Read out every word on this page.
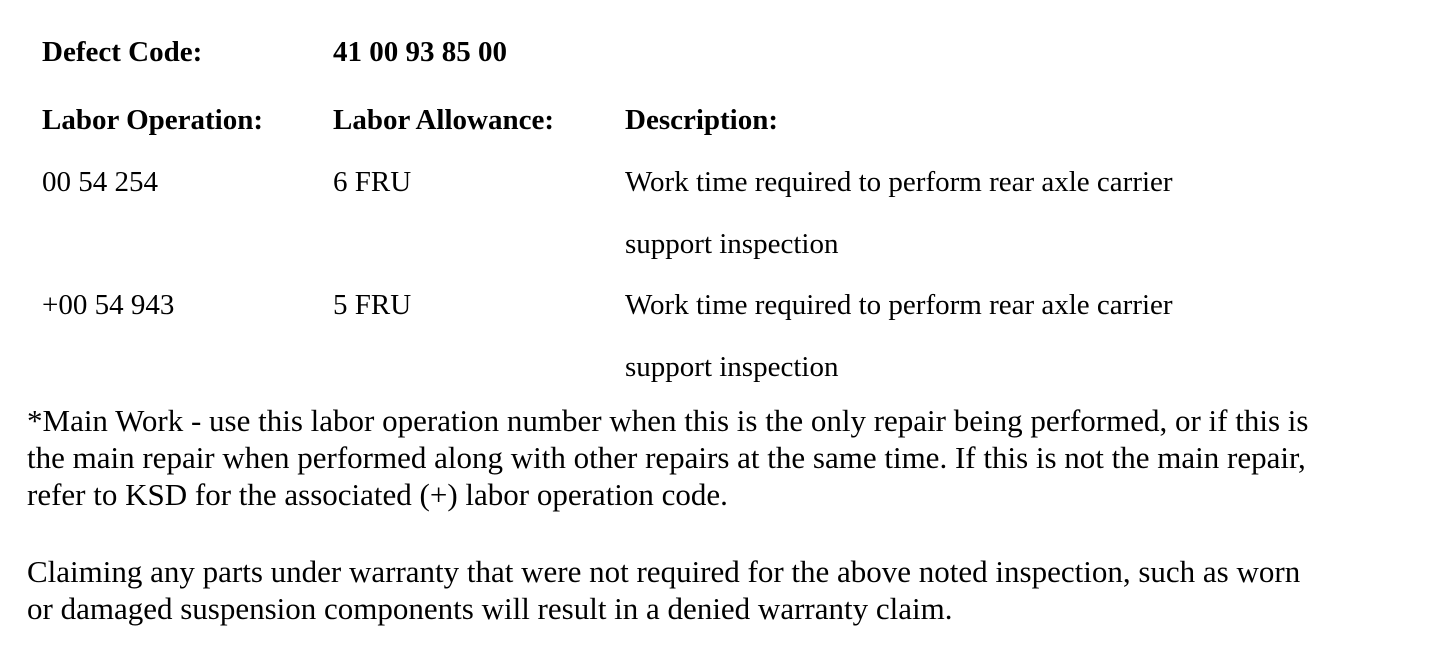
Defect Code:	41 00 93 85 00
Labor Operation: Labor Allowance: Description:
00 54 254	6 FRU	Work time required to perform rear axle carrier
support inspection
+00 54 943	5 FRU	Work time required to perform rear axle carrier
support inspection
*Main Work - use this labor operation number when this is the only repair being performed, or if this is
the main repair when performed along with other repairs at the same time. If this is not the main repair,
refer to KSD for the associated (+) labor operation code.
Claiming any parts under warranty that were not required for the above noted inspection, such as worn
or damaged suspension components will result in a denied warranty claim.
